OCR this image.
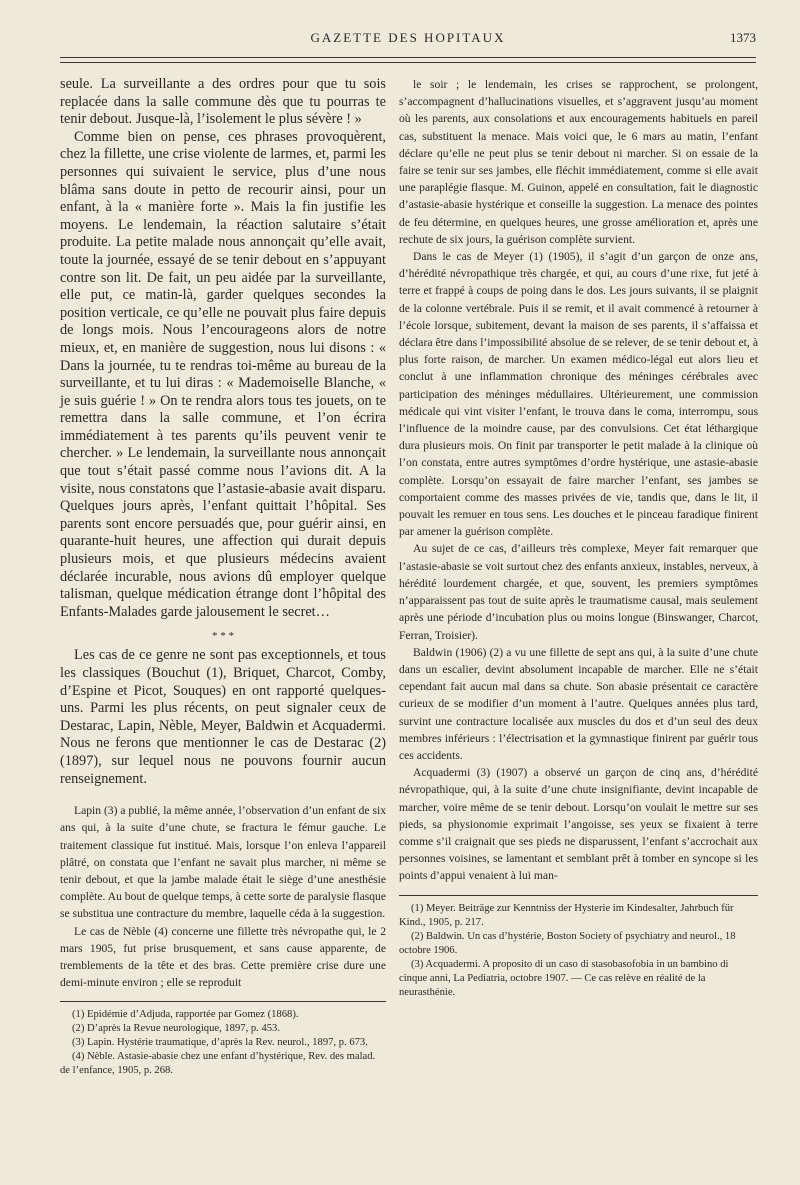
GAZETTE DES HOPITAUX	1373

seule. La surveillante a des ordres pour que tu sois replacée dans la salle commune dès que tu pourras te tenir debout. Jusque-là, l’isolement le plus sévère ! »

Comme bien on pense, ces phrases provoquèrent, chez la fillette, une crise violente de larmes, et, parmi les personnes qui suivaient le service, plus d’une nous blâma sans doute in petto de recourir ainsi, pour un enfant, à la « manière forte ». Mais la fin justifie les moyens. Le lendemain, la réaction salutaire s’était produite. La petite malade nous annonçait qu’elle avait, toute la journée, essayé de se tenir debout en s’appuyant contre son lit. De fait, un peu aidée par la surveillante, elle put, ce matin-là, garder quelques secondes la position verticale, ce qu’elle ne pouvait plus faire depuis de longs mois. Nous l’encourageons alors de notre mieux, et, en manière de suggestion, nous lui disons : « Dans la journée, tu te rendras toi-même au bureau de la surveillante, et tu lui diras : « Mademoiselle Blanche, « je suis guérie ! » On te rendra alors tous tes jouets, on te remettra dans la salle commune, et l’on écrira immédiatement à tes parents qu’ils peuvent venir te chercher. » Le lendemain, la surveillante nous annonçait que tout s’était passé comme nous l’avions dit. A la visite, nous constatons que l’astasie-abasie avait disparu. Quelques jours après, l’enfant quittait l’hôpital. Ses parents sont encore persuadés que, pour guérir ainsi, en quarante-huit heures, une affection qui durait depuis plusieurs mois, et que plusieurs médecins avaient déclarée incurable, nous avions dû employer quelque talisman, quelque médication étrange dont l’hôpital des Enfants-Malades garde jalousement le secret…

* * *

Les cas de ce genre ne sont pas exceptionnels, et tous les classiques (Bouchut (1), Briquet, Charcot, Comby, d’Espine et Picot, Souques) en ont rapporté quelques-uns. Parmi les plus récents, on peut signaler ceux de Destarac, Lapin, Nèble, Meyer, Baldwin et Acquadermi. Nous ne ferons que mentionner le cas de Destarac (2) (1897), sur lequel nous ne pouvons fournir aucun renseignement.

Lapin (3) a publié, la même année, l’observation d’un enfant de six ans qui, à la suite d’une chute, se fractura le fémur gauche. Le traitement classique fut institué. Mais, lorsque l’on enleva l’appareil plâtré, on constata que l’enfant ne savait plus marcher, ni même se tenir debout, et que la jambe malade était le siège d’une anesthésie complète. Au bout de quelque temps, à cette sorte de paralysie flasque se substitua une contracture du membre, laquelle céda à la suggestion.

Le cas de Nèble (4) concerne une fillette très névropathe qui, le 2 mars 1905, fut prise brusquement, et sans cause apparente, de tremblements de la tête et des bras. Cette première crise dure une demi-minute environ ; elle se reproduit

(1) Epidémie d’Adjuda, rapportée par Gomez (1868).

(2) D’après la Revue neurologique, 1897, p. 453.

(3) Lapin. Hystérie traumatique, d’après la Rev. neurol., 1897, p. 673.

(4) Nèble. Astasie-abasie chez une enfant d’hystérique, Rev. des malad. de l’enfance, 1905, p. 268.

le soir ; le lendemain, les crises se rapprochent, se prolongent, s’accompagnent d’hallucinations visuelles, et s’aggravent jusqu’au moment où les parents, aux consolations et aux encouragements habituels en pareil cas, substituent la menace. Mais voici que, le 6 mars au matin, l’enfant déclare qu’elle ne peut plus se tenir debout ni marcher. Si on essaie de la faire se tenir sur ses jambes, elle fléchit immédiatement, comme si elle avait une paraplégie flasque. M. Guinon, appelé en consultation, fait le diagnostic d’astasie-abasie hystérique et conseille la suggestion. La menace des pointes de feu détermine, en quelques heures, une grosse amélioration et, après une rechute de six jours, la guérison complète survient.

Dans le cas de Meyer (1) (1905), il s’agit d’un garçon de onze ans, d’hérédité névropathique très chargée, et qui, au cours d’une rixe, fut jeté à terre et frappé à coups de poing dans le dos. Les jours suivants, il se plaignit de la colonne vertébrale. Puis il se remit, et il avait commencé à retourner à l’école lorsque, subitement, devant la maison de ses parents, il s’affaissa et déclara être dans l’impossibilité absolue de se relever, de se tenir debout et, à plus forte raison, de marcher. Un examen médico-légal eut alors lieu et conclut à une inflammation chronique des méninges cérébrales avec participation des méninges médullaires. Ultérieurement, une commission médicale qui vint visiter l’enfant, le trouva dans le coma, interrompu, sous l’influence de la moindre cause, par des convulsions. Cet état léthargique dura plusieurs mois. On finit par transporter le petit malade à la clinique où l’on constata, entre autres symptômes d’ordre hystérique, une astasie-abasie complète. Lorsqu’on essayait de faire marcher l’enfant, ses jambes se comportaient comme des masses privées de vie, tandis que, dans le lit, il pouvait les remuer en tous sens. Les douches et le pinceau faradique finirent par amener la guérison complète.

Au sujet de ce cas, d’ailleurs très complexe, Meyer fait remarquer que l’astasie-abasie se voit surtout chez des enfants anxieux, instables, nerveux, à hérédité lourdement chargée, et que, souvent, les premiers symptômes n’apparaissent pas tout de suite après le traumatisme causal, mais seulement après une période d’incubation plus ou moins longue (Binswanger, Charcot, Ferran, Troisier).

Baldwin (1906) (2) a vu une fillette de sept ans qui, à la suite d’une chute dans un escalier, devint absolument incapable de marcher. Elle ne s’était cependant fait aucun mal dans sa chute. Son abasie présentait ce caractère curieux de se modifier d’un moment à l’autre. Quelques années plus tard, survint une contracture localisée aux muscles du dos et d’un seul des deux membres inférieurs : l’électrisation et la gymnastique finirent par guérir tous ces accidents.

Acquadermi (3) (1907) a observé un garçon de cinq ans, d’hérédité névropathique, qui, à la suite d’une chute insignifiante, devint incapable de marcher, voire même de se tenir debout. Lorsqu’on voulait le mettre sur ses pieds, sa physionomie exprimait l’angoisse, ses yeux se fixaient à terre comme s’il craignait que ses pieds ne disparussent, l’enfant s’accrochait aux personnes voisines, se lamentant et semblant prêt à tomber en syncope si les points d’appui venaient à lui man-

(1) Meyer. Beiträge zur Kenntniss der Hysterie im Kindesalter, Jahrbuch für Kind., 1905, p. 217.

(2) Baldwin. Un cas d’hystérie, Boston Society of psychiatry and neurol., 18 octobre 1906.

(3) Acquadermi. A proposito di un caso di stasobasofobia in un bambino di cinque anni, La Pediatria, octobre 1907. — Ce cas relève en réalité de la neurasthénie.
